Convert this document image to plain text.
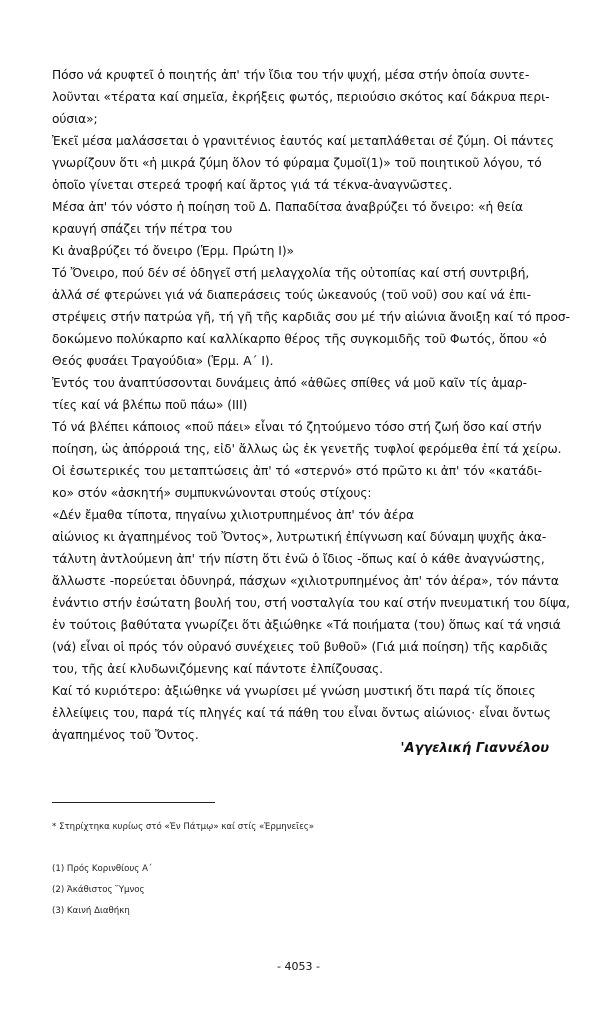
Πόσο νά κρυφτεῖ ὁ ποιητής ἀπ' τήν ἴδια του τήν ψυχή, μέσα στήν ὁποία συντε-
λοῦνται «τέρατα καί σημεῖα, ἐκρήξεις φωτός, περιούσιο σκότος καί δάκρυα περι-
ούσια»;
Ἐκεῖ μέσα μαλάσσεται ὁ γρανιτένιος ἑαυτός καί μεταπλάθεται σέ ζύμη. Οἱ πάντες
γνωρίζουν ὅτι «ἡ μικρά ζύμη ὅλον τό φύραμα ζυμοῖ(1)» τοῦ ποιητικοῦ λόγου, τό
ὁποῖο γίνεται στερεά τροφή καί ἄρτος γιά τά τέκνα-ἀναγνῶστες.
Μέσα ἀπ' τόν νόστο ἡ ποίηση τοῦ Δ. Παπαδίτσα ἀναβρύζει τό ὄνειρο: «ἡ θεία
κραυγή σπάζει τήν πέτρα του
Κι ἀναβρύζει τό ὄνειρο (Ἑρμ. Πρώτη Ι)»
Τό Ὄνειρο, πού δέν σέ ὁδηγεῖ στή μελαγχολία τῆς οὐτοπίας καί στή συντριβή,
ἀλλά σέ φτερώνει γιά νά διαπεράσεις τούς ὠκεανούς (τοῦ νοῦ) σου καί νά ἐπι-
στρέψεις στήν πατρώα γῆ, τή γῆ τῆς καρδιᾶς σου μέ τήν αἰώνια ἄνοιξη καί τό προσ-
δοκώμενο πολύκαρπο καί καλλίκαρπο θέρος τῆς συγκομιδῆς τοῦ Φωτός, ὅπου «ὁ
Θεός φυσάει Τραγούδια» (Ἑρμ. Α΄ Ι).
Ἐντός του ἀναπτύσσονται δυνάμεις ἀπό «ἀθῶες σπίθες νά μοῦ καῖν τίς ἁμαρ-
τίες καί νά βλέπω ποῦ πάω» (ΙΙΙ)
Τό νά βλέπει κάποιος «ποῦ πάει» εἶναι τό ζητούμενο τόσο στή ζωή ὅσο καί στήν
ποίηση, ὡς ἀπόρροιά της, εἰδ' ἄλλως ὡς ἐκ γενετῆς τυφλοί φερόμεθα ἐπί τά χείρω.
Οἱ ἐσωτερικές του μεταπτώσεις ἀπ' τό «στερνό» στό πρῶτο κι ἀπ' τόν «κατάδι-
κο» στόν «ἀσκητή» συμπυκνώνονται στούς στίχους:
«Δέν ἔμαθα τίποτα, πηγαίνω χιλιοτρυπημένος ἀπ' τόν ἀέρα
αἰώνιος κι ἀγαπημένος τοῦ Ὄντος», λυτρωτική ἐπίγνωση καί δύναμη ψυχῆς ἀκα-
τάλυτη ἀντλούμενη ἀπ' τήν πίστη ὅτι ἐνῶ ὁ ἴδιος -ὅπως καί ὁ κάθε ἀναγνώστης,
ἄλλωστε -πορεύεται ὀδυνηρά, πάσχων «χιλιοτρυπημένος ἀπ' τόν ἀέρα», τόν πάντα
ἐνάντιο στήν ἐσώτατη βουλή του, στή νοσταλγία του καί στήν πνευματική του δίψα,
ἐν τούτοις βαθύτατα γνωρίζει ὅτι ἀξιώθηκε «Τά ποιήματα (του) ὅπως καί τά νησιά
(νά) εἶναι οἱ πρός τόν οὐρανό συνέχειες τοῦ βυθοῦ» (Γιά μιά ποίηση) τῆς καρδιᾶς
του, τῆς ἀεί κλυδωνιζόμενης καί πάντοτε ἐλπίζουσας.
Καί τό κυριότερο: ἀξιώθηκε νά γνωρίσει μέ γνώση μυστική ὅτι παρά τίς ὅποιες
ἐλλείψεις του, παρά τίς πληγές καί τά πάθη του εἶναι ὄντως αἰώνιος· εἶναι ὄντως
ἀγαπημένος τοῦ Ὄντος.
'Αγγελική Γιαννέλου
* Στηρίχτηκα κυρίως στό «Ἐν Πάτμῳ» καί στίς «Ἑρμηνεῖες»
(1) Πρός Κορινθίους Α΄
(2) Ἀκάθιστος Ὕμνος
(3) Καινή Διαθήκη
- 4053 -
